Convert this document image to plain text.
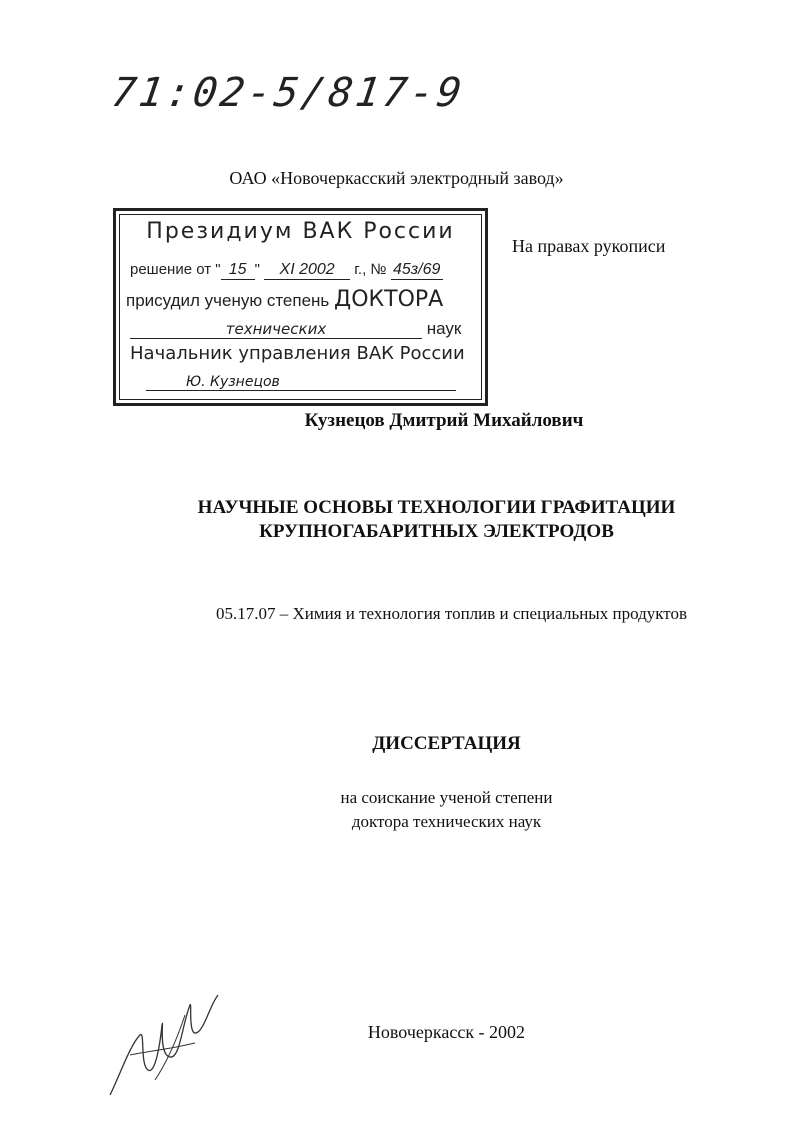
71:02-5/817-9
ОАО «Новочеркасский электродный завод»
Президиум ВАК России
решение от " 15 " XI 2002 г., № 45з/69
присудил ученую степень ДОКТОРА
технических	наук
Начальник управления ВАК России
Ю. Кузнецов
На правах рукописи
Кузнецов Дмитрий Михайлович
НАУЧНЫЕ ОСНОВЫ ТЕХНОЛОГИИ ГРАФИТАЦИИ
КРУПНОГАБАРИТНЫХ ЭЛЕКТРОДОВ
05.17.07 – Химия и технология топлив и специальных продуктов
ДИССЕРТАЦИЯ
на соискание ученой степени
доктора технических наук
Новочеркасск - 2002
